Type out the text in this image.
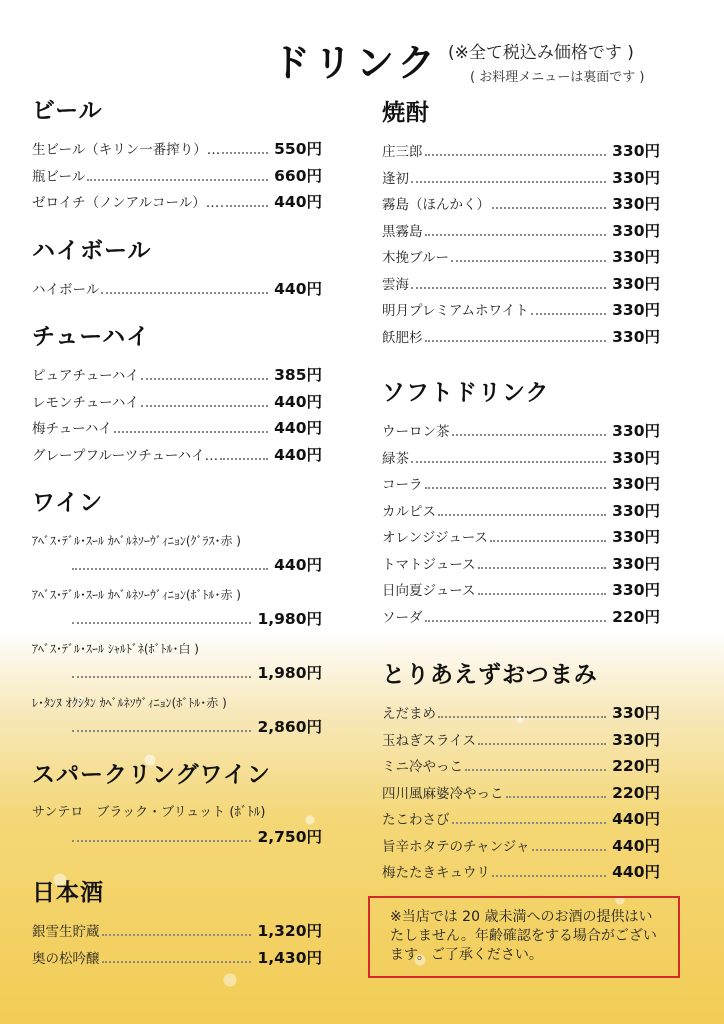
ドリンク (※全て税込み価格です )
( お料理メニューは裏面です )
ビール
生ビール（キリン一番搾り）…	550円
瓶ビール	660円
ゼロイチ（ノンアルコール）…	440円
ハイボール
ハイボール	440円
チューハイ
ピュアチューハイ	385円
レモンチューハイ	440円
梅チューハイ	440円
グレープフルーツチューハイ…	440円
ワイン
ｱﾍﾞｽ･ﾃﾞﾙ･ｽｰﾙ ｶﾍﾞﾙﾈｿｰｳﾞｨﾆｮﾝ(ｸﾞﾗｽ･赤 )
440円
ｱﾍﾞｽ･ﾃﾞﾙ･ｽｰﾙ ｶﾍﾞﾙﾈｿｰｳﾞｨﾆｮﾝ(ﾎﾞﾄﾙ･赤 )
1,980円
ｱﾍﾞｽ･ﾃﾞﾙ･ｽｰﾙ ｼｬﾙﾄﾞﾈ(ﾎﾞﾄﾙ･白 )
1,980円
ﾚ･ﾀﾝﾇ ｵｸｼﾀﾝ ｶﾍﾞﾙﾈｿｳﾞｨﾆｮﾝ(ﾎﾞﾄﾙ･赤 )
2,860円
スパークリングワイン
サンテロ　ブラック・ブリュット (ﾎﾞﾄﾙ)
2,750円
日本酒
銀雪生貯蔵	1,320円
奥の松吟醸	1,430円
焼酎
庄三郎	330円
逢初	330円
霧島（ほんかく）	330円
黒霧島	330円
木挽ブルー	330円
雲海	330円
明月プレミアムホワイト	330円
飫肥杉	330円
ソフトドリンク
ウーロン茶	330円
緑茶	330円
コーラ	330円
カルピス	330円
オレンジジュース	330円
トマトジュース	330円
日向夏ジュース	330円
ソーダ	220円
とりあえずおつまみ
えだまめ	330円
玉ねぎスライス	330円
ミニ冷やっこ	220円
四川風麻婆冷やっこ	220円
たこわさび	440円
旨辛ホタテのチャンジャ	440円
梅たたきキュウリ	440円
※当店では 20 歳未満へのお酒の提供はいたしません。年齢確認をする場合がございます。ご了承ください。
